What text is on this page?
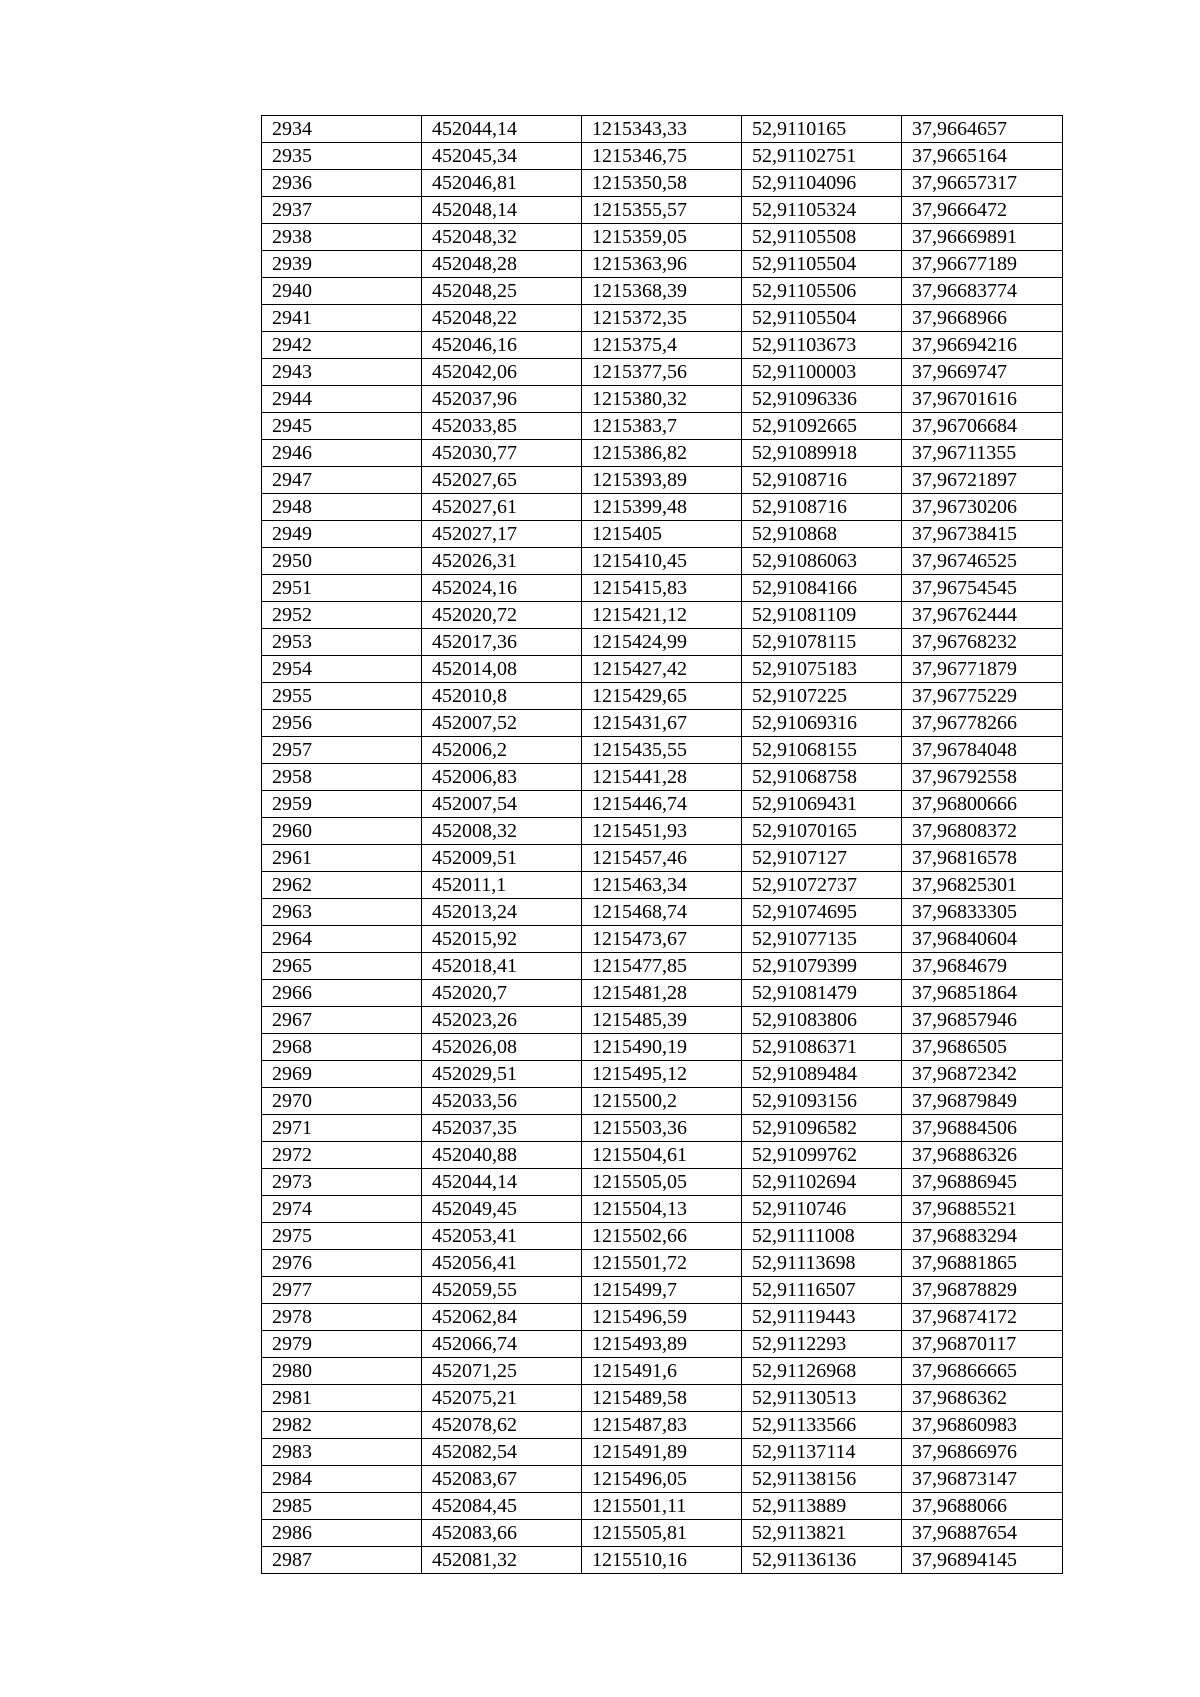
2934	452044,14	1215343,33	52,9110165	37,9664657
2935	452045,34	1215346,75	52,91102751	37,9665164
2936	452046,81	1215350,58	52,91104096	37,96657317
2937	452048,14	1215355,57	52,91105324	37,9666472
2938	452048,32	1215359,05	52,91105508	37,96669891
2939	452048,28	1215363,96	52,91105504	37,96677189
2940	452048,25	1215368,39	52,91105506	37,96683774
2941	452048,22	1215372,35	52,91105504	37,9668966
2942	452046,16	1215375,4	52,91103673	37,96694216
2943	452042,06	1215377,56	52,91100003	37,9669747
2944	452037,96	1215380,32	52,91096336	37,96701616
2945	452033,85	1215383,7	52,91092665	37,96706684
2946	452030,77	1215386,82	52,91089918	37,96711355
2947	452027,65	1215393,89	52,9108716	37,96721897
2948	452027,61	1215399,48	52,9108716	37,96730206
2949	452027,17	1215405	52,910868	37,96738415
2950	452026,31	1215410,45	52,91086063	37,96746525
2951	452024,16	1215415,83	52,91084166	37,96754545
2952	452020,72	1215421,12	52,91081109	37,96762444
2953	452017,36	1215424,99	52,91078115	37,96768232
2954	452014,08	1215427,42	52,91075183	37,96771879
2955	452010,8	1215429,65	52,9107225	37,96775229
2956	452007,52	1215431,67	52,91069316	37,96778266
2957	452006,2	1215435,55	52,91068155	37,96784048
2958	452006,83	1215441,28	52,91068758	37,96792558
2959	452007,54	1215446,74	52,91069431	37,96800666
2960	452008,32	1215451,93	52,91070165	37,96808372
2961	452009,51	1215457,46	52,9107127	37,96816578
2962	452011,1	1215463,34	52,91072737	37,96825301
2963	452013,24	1215468,74	52,91074695	37,96833305
2964	452015,92	1215473,67	52,91077135	37,96840604
2965	452018,41	1215477,85	52,91079399	37,9684679
2966	452020,7	1215481,28	52,91081479	37,96851864
2967	452023,26	1215485,39	52,91083806	37,96857946
2968	452026,08	1215490,19	52,91086371	37,9686505
2969	452029,51	1215495,12	52,91089484	37,96872342
2970	452033,56	1215500,2	52,91093156	37,96879849
2971	452037,35	1215503,36	52,91096582	37,96884506
2972	452040,88	1215504,61	52,91099762	37,96886326
2973	452044,14	1215505,05	52,91102694	37,96886945
2974	452049,45	1215504,13	52,9110746	37,96885521
2975	452053,41	1215502,66	52,91111008	37,96883294
2976	452056,41	1215501,72	52,91113698	37,96881865
2977	452059,55	1215499,7	52,91116507	37,96878829
2978	452062,84	1215496,59	52,91119443	37,96874172
2979	452066,74	1215493,89	52,9112293	37,96870117
2980	452071,25	1215491,6	52,91126968	37,96866665
2981	452075,21	1215489,58	52,91130513	37,9686362
2982	452078,62	1215487,83	52,91133566	37,96860983
2983	452082,54	1215491,89	52,91137114	37,96866976
2984	452083,67	1215496,05	52,91138156	37,96873147
2985	452084,45	1215501,11	52,9113889	37,9688066
2986	452083,66	1215505,81	52,9113821	37,96887654
2987	452081,32	1215510,16	52,91136136	37,96894145
